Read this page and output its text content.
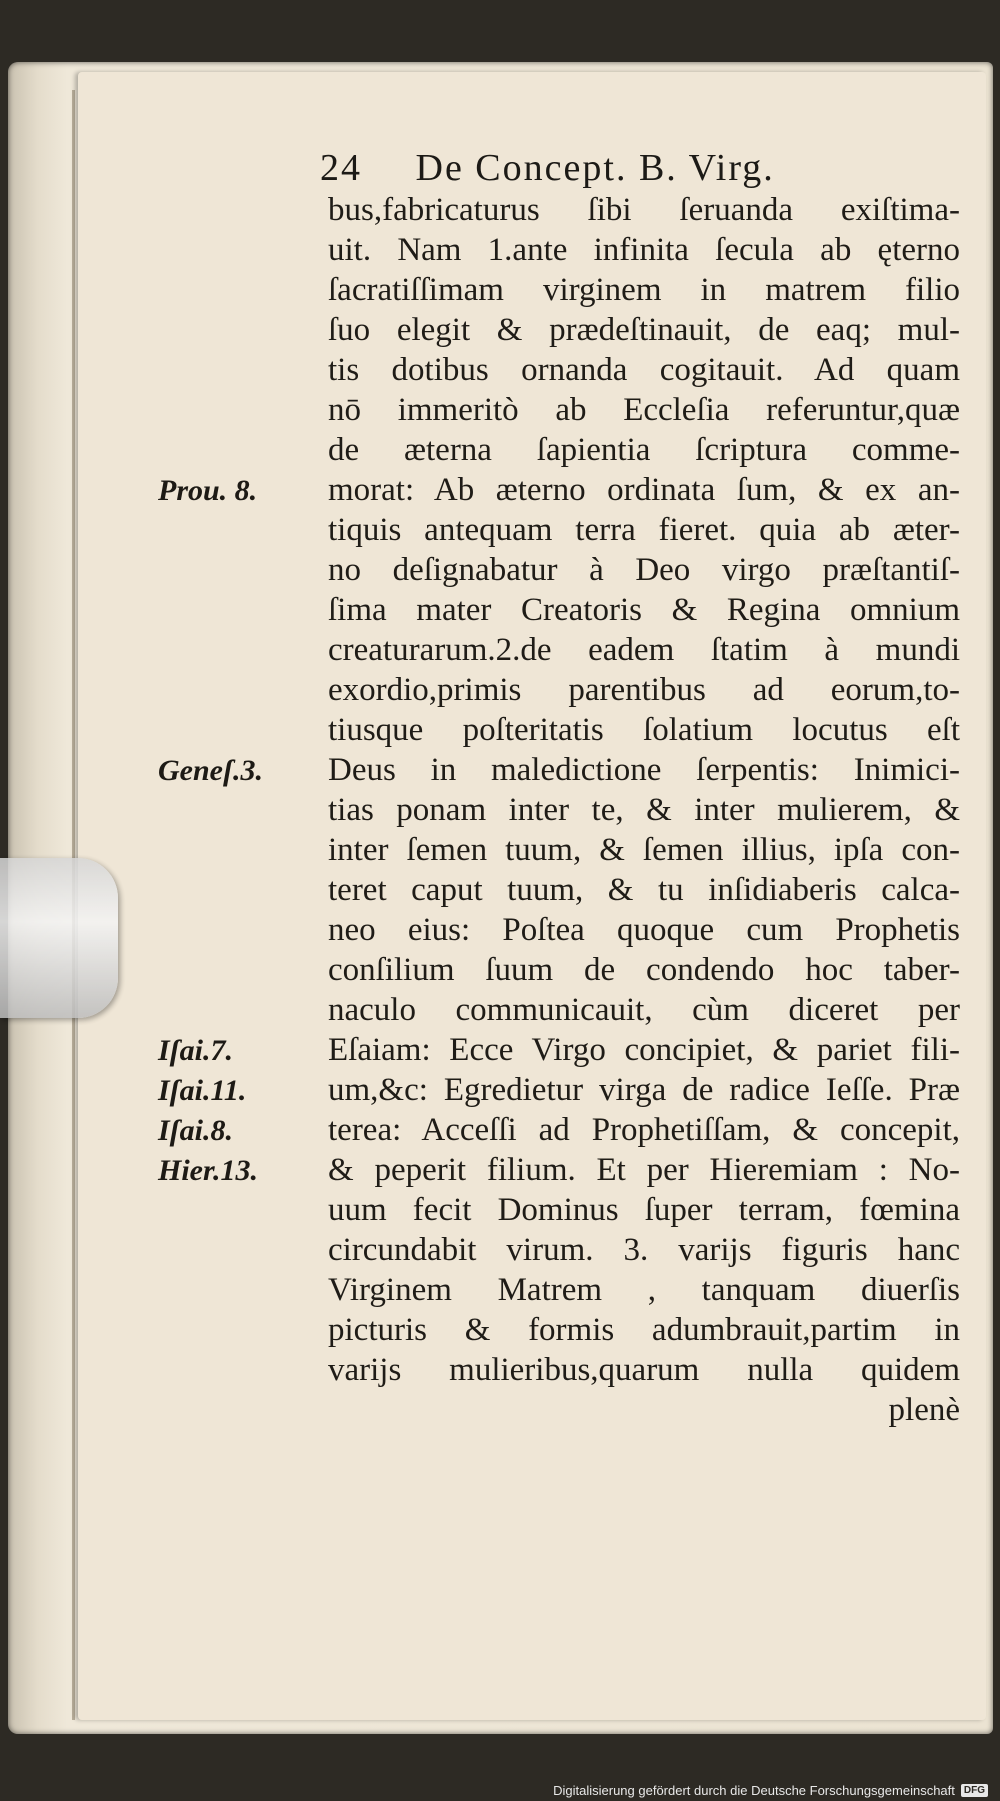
24 De Concept. B. Virg.
bus,fabricaturus ſibi ſeruanda exiſtima-
uit. Nam 1.ante infinita ſecula ab ęterno
ſacratiſſimam virginem in matrem filio
ſuo elegit & prædeſtinauit, de eaq; mul-
tis dotibus ornanda cogitauit. Ad quam
nō immeritò ab Eccleſia referuntur,quæ
de æterna ſapientia ſcriptura comme-
morat: Ab æterno ordinata ſum, & ex an-
tiquis antequam terra fieret. quia ab æter-
no deſignabatur à Deo virgo præſtantiſ-
ſima mater Creatoris & Regina omnium
creaturarum.2.de eadem ſtatim à mundi
exordio,primis parentibus ad eorum,to-
tiusque poſteritatis ſolatium locutus eſt
Deus in maledictione ſerpentis: Inimici-
tias ponam inter te, & inter mulierem, &
inter ſemen tuum, & ſemen illius, ipſa con-
teret caput tuum, & tu inſidiaberis calca-
neo eius: Poſtea quoque cum Prophetis
conſilium ſuum de condendo hoc taber-
naculo communicauit, cùm diceret per
Eſaiam: Ecce Virgo concipiet, & pariet fili-
um,&c: Egredietur virga de radice Ieſſe. Præ
terea: Acceſſi ad Prophetiſſam, & concepit,
& peperit filium. Et per Hieremiam : No-
uum fecit Dominus ſuper terram, fœmina
circundabit virum. 3. varijs figuris hanc
Virginem Matrem , tanquam diuerſis
picturis & formis adumbrauit,partim in
varijs mulieribus,quarum nulla quidem
plenè
Prou. 8.
Geneſ.3.
Iſai.7.
Iſai.11.
Iſai.8.
Hier.13.
Digitalisierung gefördert durch die Deutsche Forschungsgemeinschaft DFG
